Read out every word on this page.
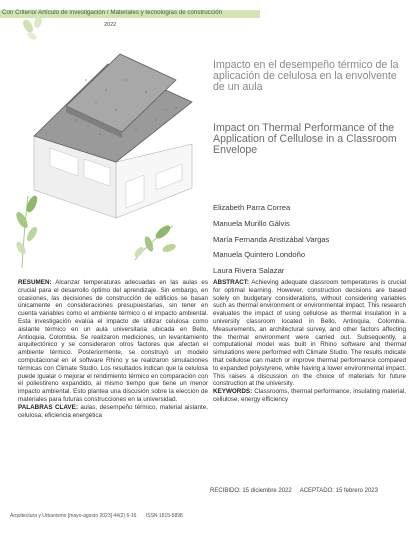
Con Criterio/ Artículo de investigación / Materiales y tecnologías de construcción
2022
Impacto en el desempeño térmico de la aplicación de celulosa en la envolvente de un aula
Impact on Thermal Performance of the Application of Cellulose in a Classroom Envelope
Elizabeth Parra Correa
Manuela Murillo Gálvis
María Fernanda Aristizábal Vargas
Manuela Quintero Londoño
Laura Rivera Salazar

RESUMEN: Alcanzar temperaturas adecuadas en las aulas es crucial para el desarrollo óptimo del aprendizaje. Sin embargo, en ocasiones, las decisiones de construcción de edificios se basan únicamente en consideraciones presupuestarias, sin tener en cuenta variables como el ambiente térmico o el impacto ambiental. Esta investigación evalúa el impacto de utilizar celulosa como aislante térmico en un aula universitaria ubicada en Bello, Antioquia, Colombia. Se realizaron mediciones, un levantamiento arquitectónico y se consideraron otros factores que afectan el ambiente térmico. Posteriormente, se construyó un modelo computacional en el software Rhino y se realizaron simulaciones térmicas con Climate Studio. Los resultados indican que la celulosa puede igualar o mejorar el rendimiento térmico en comparación con el poliestireno expandido, al mismo tiempo que tiene un menor impacto ambiental. Esto plantea una discusión sobre la elección de materiales para futuras construcciones en la universidad.

PALABRAS CLAVE: aulas, desempeño térmico, material aislante, celulosa, eficiencia energética

ABSTRACT: Achieving adequate classroom temperatures is crucial for optimal learning. However, construction decisions are based solely on budgetary considerations, without considering variables such as thermal environment or environmental impact. This research evaluates the impact of using cellulose as thermal insulation in a university classroom located in Bello, Antioquia, Colombia. Measurements, an architectural survey, and other factors affecting the thermal environment were carried out. Subsequently, a computational model was built in Rhino software and thermal simulations were performed with Climate Studio. The results indicate that cellulose can match or improve thermal performance compared to expanded polystyrene, while having a lower environmental impact. This raises a discussion on the choice of materials for future construction at the university.

KEYWORDS: Classrooms, thermal performance, insulating material, cellulose, energy efficiency

RECIBIDO: 15 diciembre 2022 ACEPTADO: 15 febrero 2023
Arquitectura y Urbanismo [mayo-agosto 2023] 44(2) 6-16 ISSN 1815-5898
